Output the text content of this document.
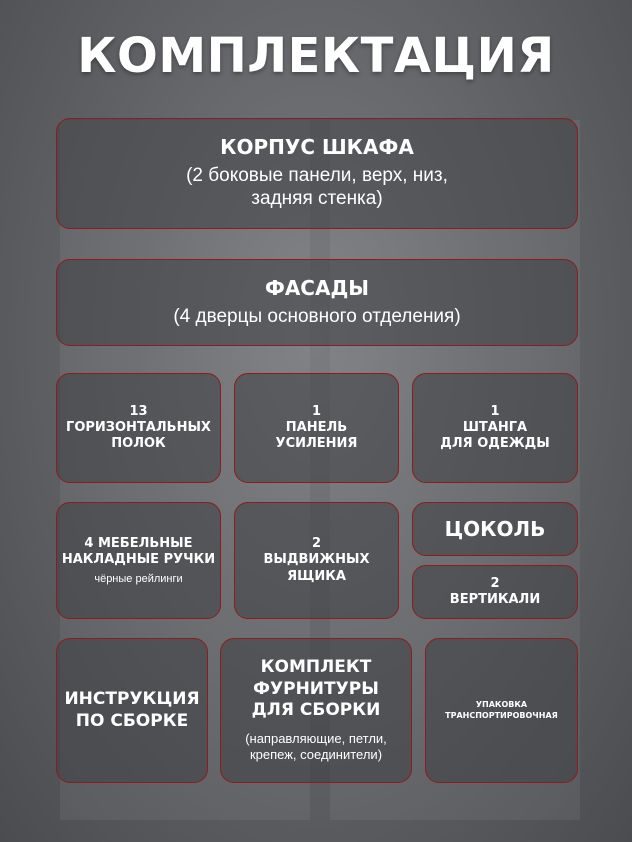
КОМПЛЕКТАЦИЯ
КОРПУС ШКАФА
(2 боковые панели, верх, низ,
задняя стенка)
ФАСАДЫ
(4 дверцы основного отделения)
13
ГОРИЗОНТАЛЬНЫХ
ПОЛОК
1
ПАНЕЛЬ
УСИЛЕНИЯ
1
ШТАНГА
ДЛЯ ОДЕЖДЫ
4 МЕБЕЛЬНЫЕ
НАКЛАДНЫЕ РУЧКИ
чёрные рейлинги
2
ВЫДВИЖНЫХ
ЯЩИКА
ЦОКОЛЬ
2
ВЕРТИКАЛИ
ИНСТРУКЦИЯ
ПО СБОРКЕ
КОМПЛЕКТ
ФУРНИТУРЫ
ДЛЯ СБОРКИ
(направляющие, петли,
крепеж, соединители)
УПАКОВКА
ТРАНСПОРТИРОВОЧНАЯ
